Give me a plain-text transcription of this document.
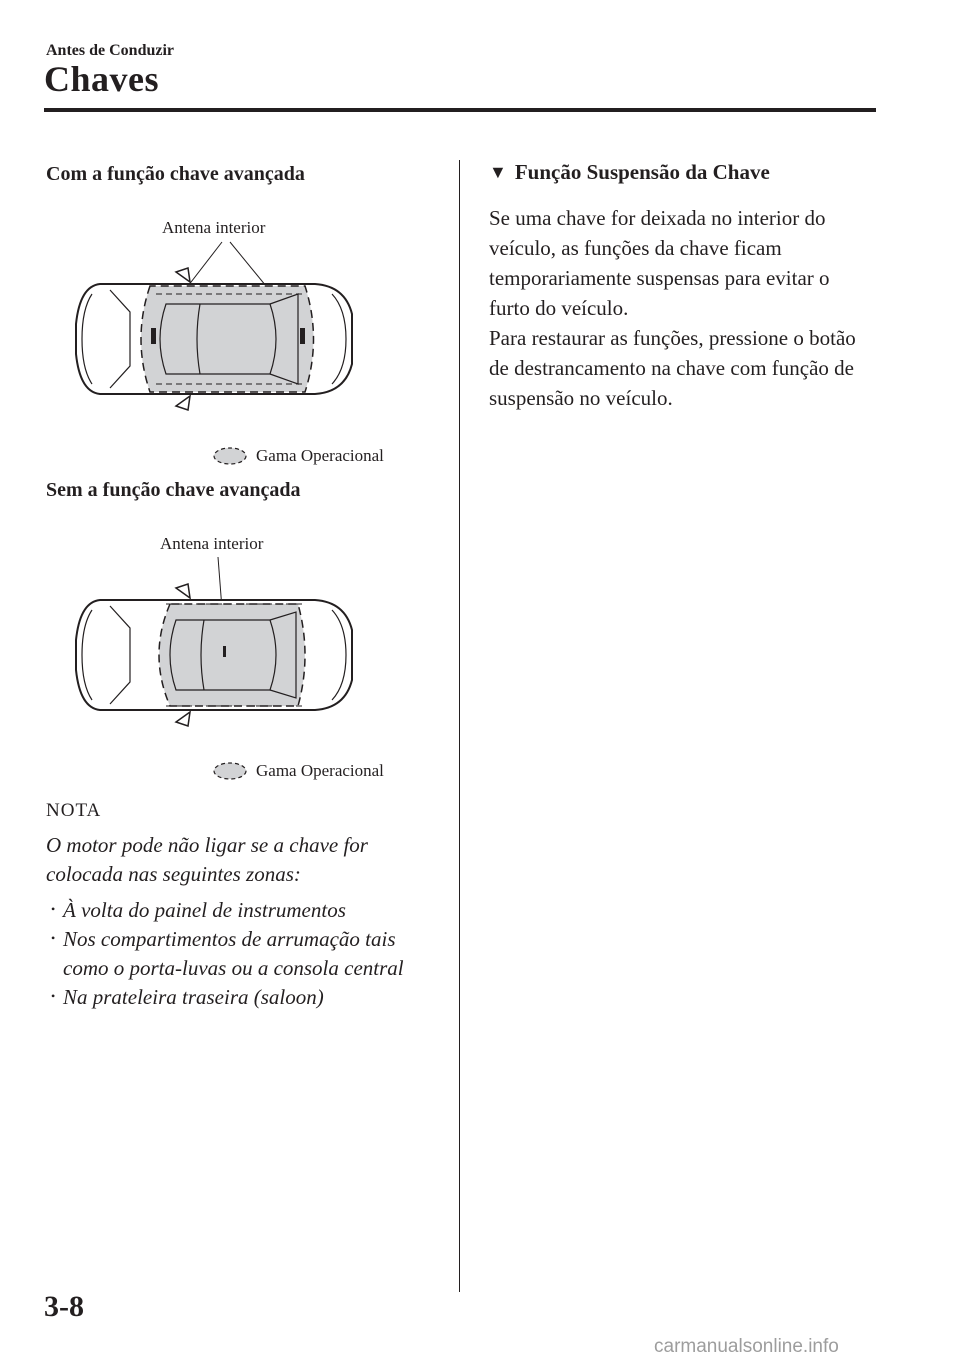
Antes de Conduzir
Chaves
Com a função chave avançada
Antena interior
Gama Operacional
Sem a função chave avançada
Antena interior
Gama Operacional
NOTA
O motor pode não ligar se a chave for colocada nas seguintes zonas:
• À volta do painel de instrumentos
• Nos compartimentos de arrumação tais como o porta-luvas ou a consola central
• Na prateleira traseira (saloon)
▼ Função Suspensão da Chave
Se uma chave for deixada no interior do veículo, as funções da chave ficam temporariamente suspensas para evitar o furto do veículo.
Para restaurar as funções, pressione o botão de destrancamento na chave com função de suspensão no veículo.
3-8
carmanualsonline.info
